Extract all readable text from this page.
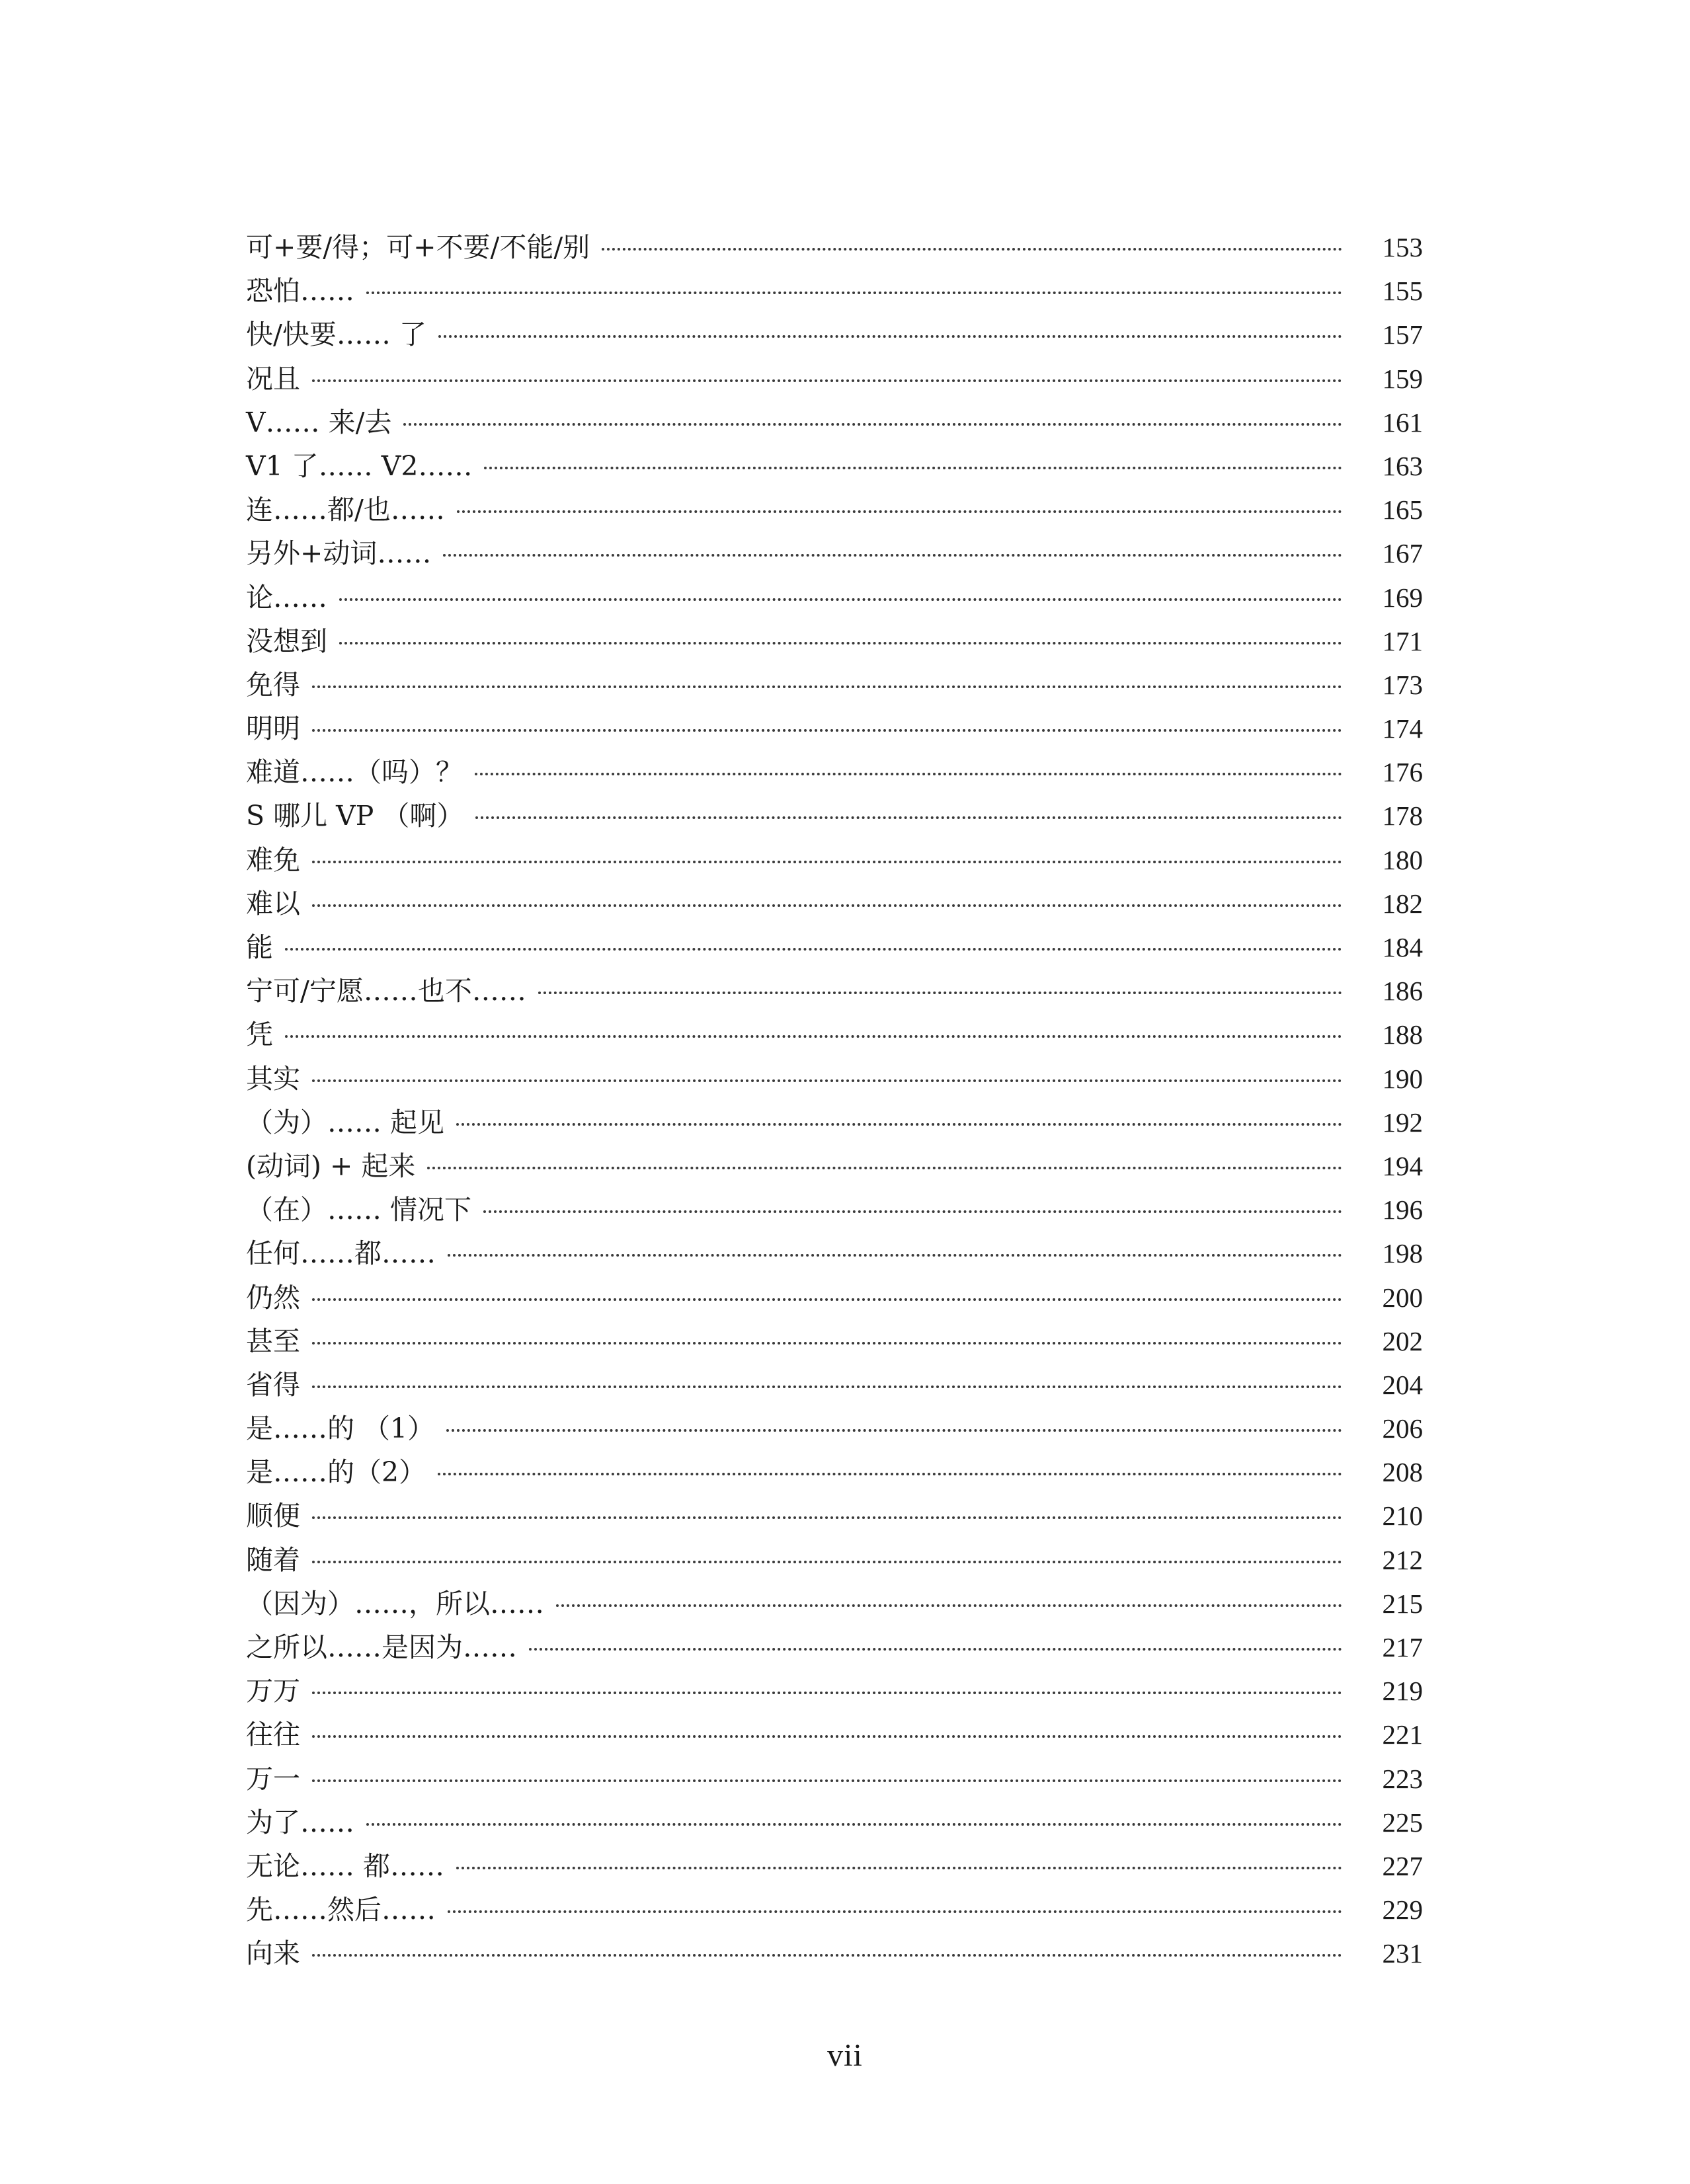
可+要/得；可+不要/不能/别	153
恐怕……	155
快/快要…… 了	157
况且	159
V…… 来/去	161
V1 了…… V2……	163
连……都/也……	165
另外+动词……	167
论……	169
没想到	171
免得	173
明明	174
难道……（吗）？	176
S 哪儿 VP （啊）	178
难免	180
难以	182
能	184
宁可/宁愿……也不……	186
凭	188
其实	190
（为）…… 起见	192
(动词) + 起来	194
（在）…… 情况下	196
任何……都……	198
仍然	200
甚至	202
省得	204
是……的 （1）	206
是……的（2）	208
顺便	210
随着	212
（因为）……，所以……	215
之所以……是因为……	217
万万	219
往往	221
万一	223
为了……	225
无论…… 都……	227
先……然后……	229
向来	231
vii
